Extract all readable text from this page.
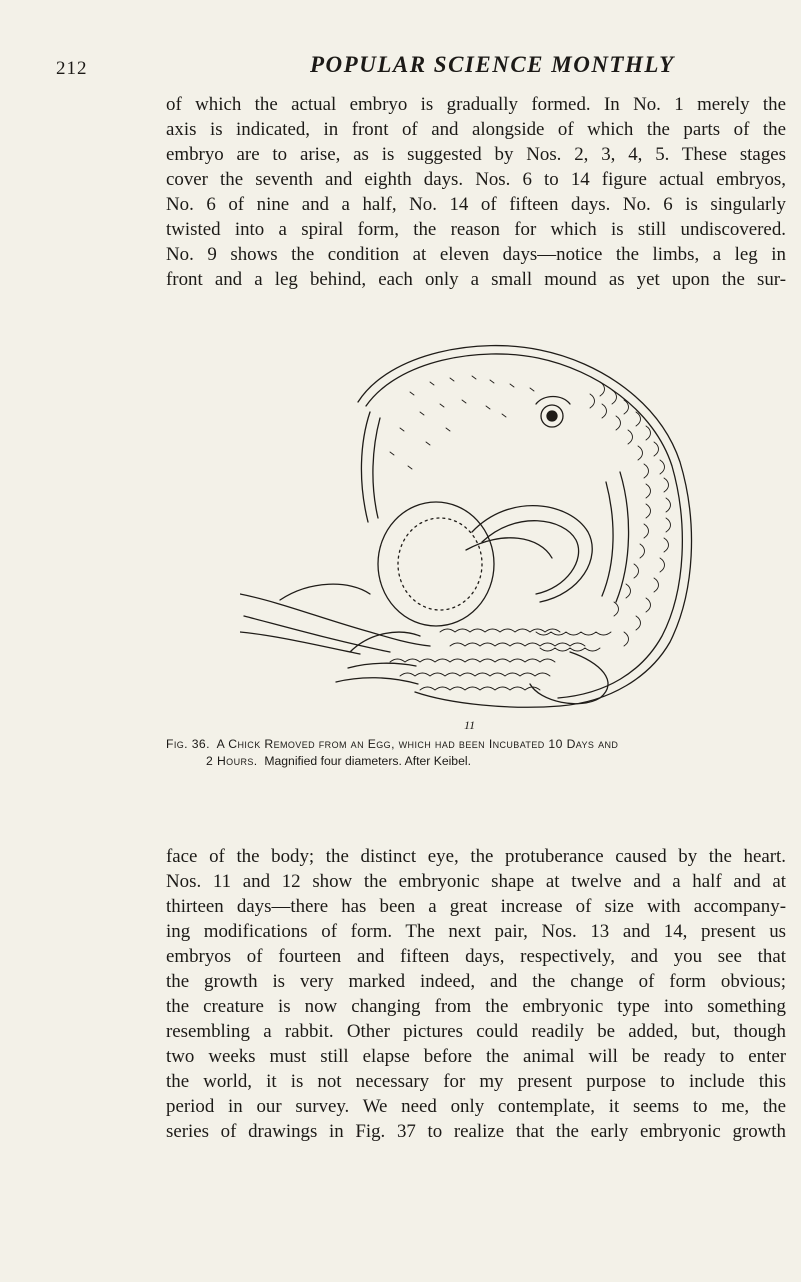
212	POPULAR SCIENCE MONTHLY

of which the actual embryo is gradually formed. In No. 1 merely the
axis is indicated, in front of and alongside of which the parts of the
embryo are to arise, as is suggested by Nos. 2, 3, 4, 5. These stages
cover the seventh and eighth days. Nos. 6 to 14 figure actual embryos,
No. 6 of nine and a half, No. 14 of fifteen days. No. 6 is singularly
twisted into a spiral form, the reason for which is still undiscovered.
No. 9 shows the condition at eleven days—notice the limbs, a leg in
front and a leg behind, each only a small mound as yet upon the sur-

11

Fig. 36. A Chick Removed from an Egg, which had been Incubated 10 Days and
2 Hours. Magnified four diameters. After Keibel.

face of the body; the distinct eye, the protuberance caused by the heart.
Nos. 11 and 12 show the embryonic shape at twelve and a half and at
thirteen days—there has been a great increase of size with accompany-
ing modifications of form. The next pair, Nos. 13 and 14, present us
embryos of fourteen and fifteen days, respectively, and you see that
the growth is very marked indeed, and the change of form obvious;
the creature is now changing from the embryonic type into something
resembling a rabbit. Other pictures could readily be added, but, though
two weeks must still elapse before the animal will be ready to enter
the world, it is not necessary for my present purpose to include this
period in our survey. We need only contemplate, it seems to me, the
series of drawings in Fig. 37 to realize that the early embryonic growth
